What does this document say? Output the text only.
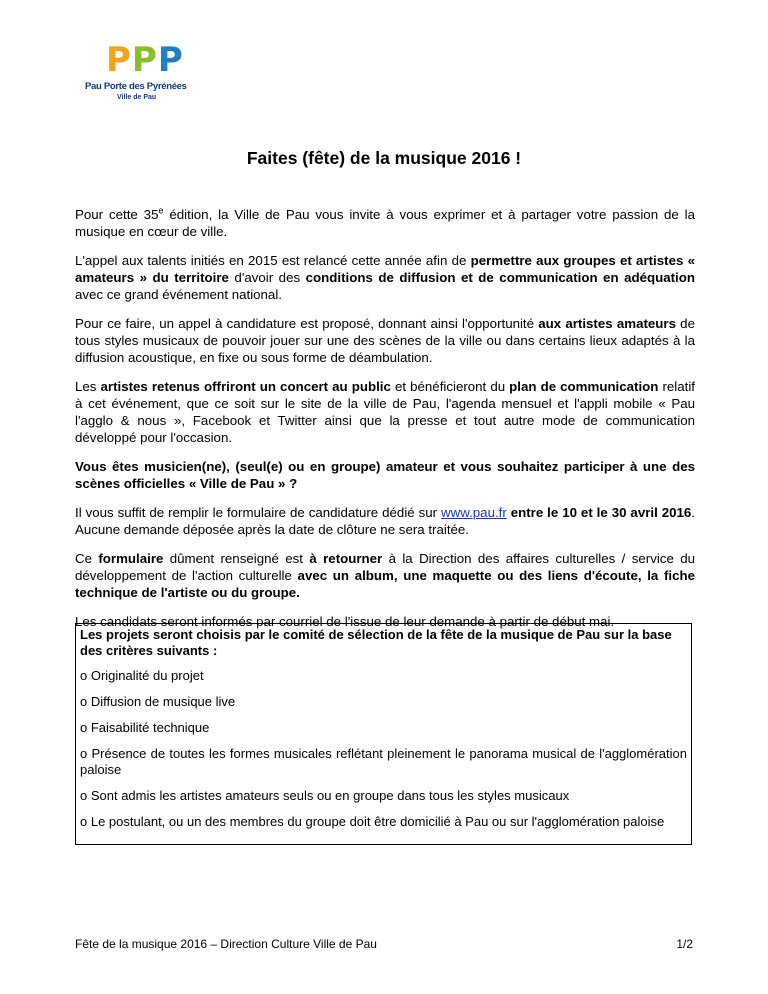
P P P
Pau Porte des Pyrénées
Ville de Pau
Faites (fête) de la musique 2016 !

Pour cette 35e édition, la Ville de Pau vous invite à vous exprimer et à partager votre passion de la musique en cœur de ville.

L'appel aux talents initiés en 2015 est relancé cette année afin de permettre aux groupes et artistes « amateurs » du territoire d'avoir des conditions de diffusion et de communication en adéquation avec ce grand événement national.

Pour ce faire, un appel à candidature est proposé, donnant ainsi l'opportunité aux artistes amateurs de tous styles musicaux de pouvoir jouer sur une des scènes de la ville ou dans certains lieux adaptés à la diffusion acoustique, en fixe ou sous forme de déambulation.

Les artistes retenus offriront un concert au public et bénéficieront du plan de communication relatif à cet événement, que ce soit sur le site de la ville de Pau, l'agenda mensuel et l'appli mobile « Pau l'agglo & nous », Facebook et Twitter ainsi que la presse et tout autre mode de communication développé pour l'occasion.

Vous êtes musicien(ne), (seul(e) ou en groupe) amateur et vous souhaitez participer à une des scènes officielles « Ville de Pau » ?

Il vous suffit de remplir le formulaire de candidature dédié sur www.pau.fr entre le 10 et le 30 avril 2016. Aucune demande déposée après la date de clôture ne sera traitée.

Ce formulaire dûment renseigné est à retourner à la Direction des affaires culturelles / service du développement de l'action culturelle avec un album, une maquette ou des liens d'écoute, la fiche technique de l'artiste ou du groupe.

Les candidats seront informés par courriel de l'issue de leur demande à partir de début mai.

Les projets seront choisis par le comité de sélection de la fête de la musique de Pau sur la base des critères suivants :
o Originalité du projet
o Diffusion de musique live
o Faisabilité technique
o Présence de toutes les formes musicales reflétant pleinement le panorama musical de l'agglomération paloise
o Sont admis les artistes amateurs seuls ou en groupe dans tous les styles musicaux
o Le postulant, ou un des membres du groupe doit être domicilié à Pau ou sur l'agglomération paloise
Fête de la musique 2016 – Direction Culture Ville de Pau	1/2
